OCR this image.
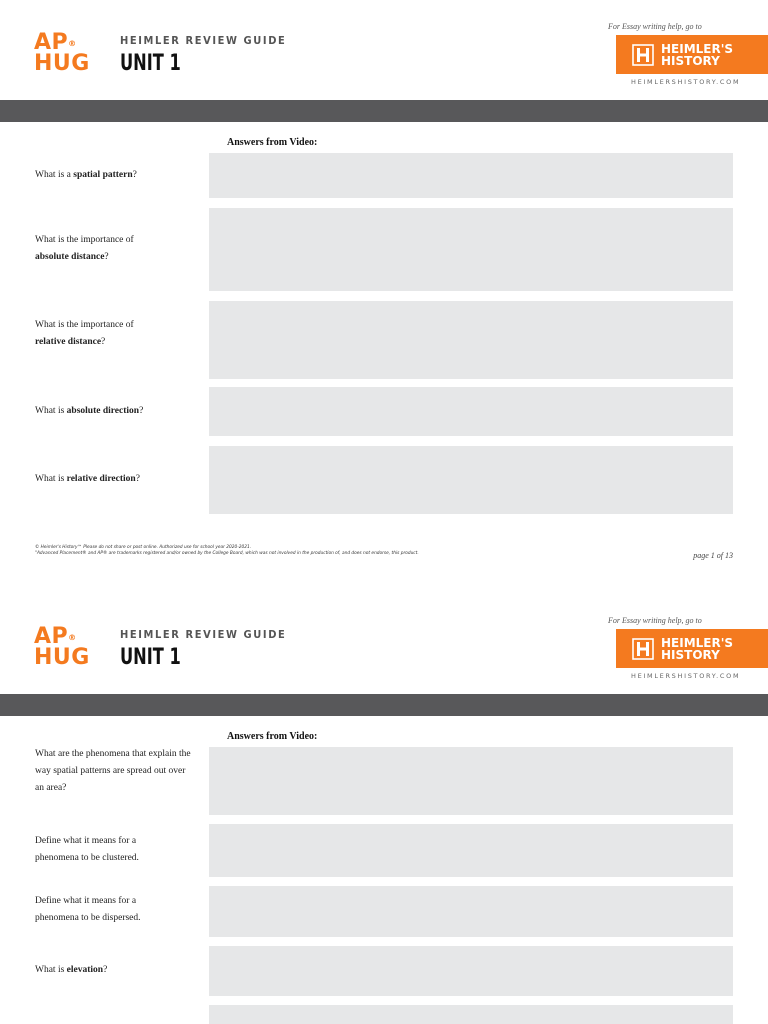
AP®
HUG
HEIMLER REVIEW GUIDE
UNIT 1
For Essay writing help, go to
HEIMLER'S
HISTORY
HEIMLERSHISTORY.COM
Answers from Video:
What is a spatial pattern?
What is the importance of absolute distance?
What is the importance of relative distance?
What is absolute direction?
What is relative direction?
© Heimler's History™ Please do not share or post online. Authorized use for school year 2020-2021.
"Advanced Placement® and AP® are trademarks registered and/or owned by the College Board, which was not involved in the production of, and does not endorse, this product.	page 1 of 13
AP®
HUG
HEIMLER REVIEW GUIDE
UNIT 1
For Essay writing help, go to
HEIMLER'S
HISTORY
HEIMLERSHISTORY.COM
Answers from Video:
What are the phenomena that explain the way spatial patterns are spread out over an area?
Define what it means for a phenomena to be clustered.
Define what it means for a phenomena to be dispersed.
What is elevation?
